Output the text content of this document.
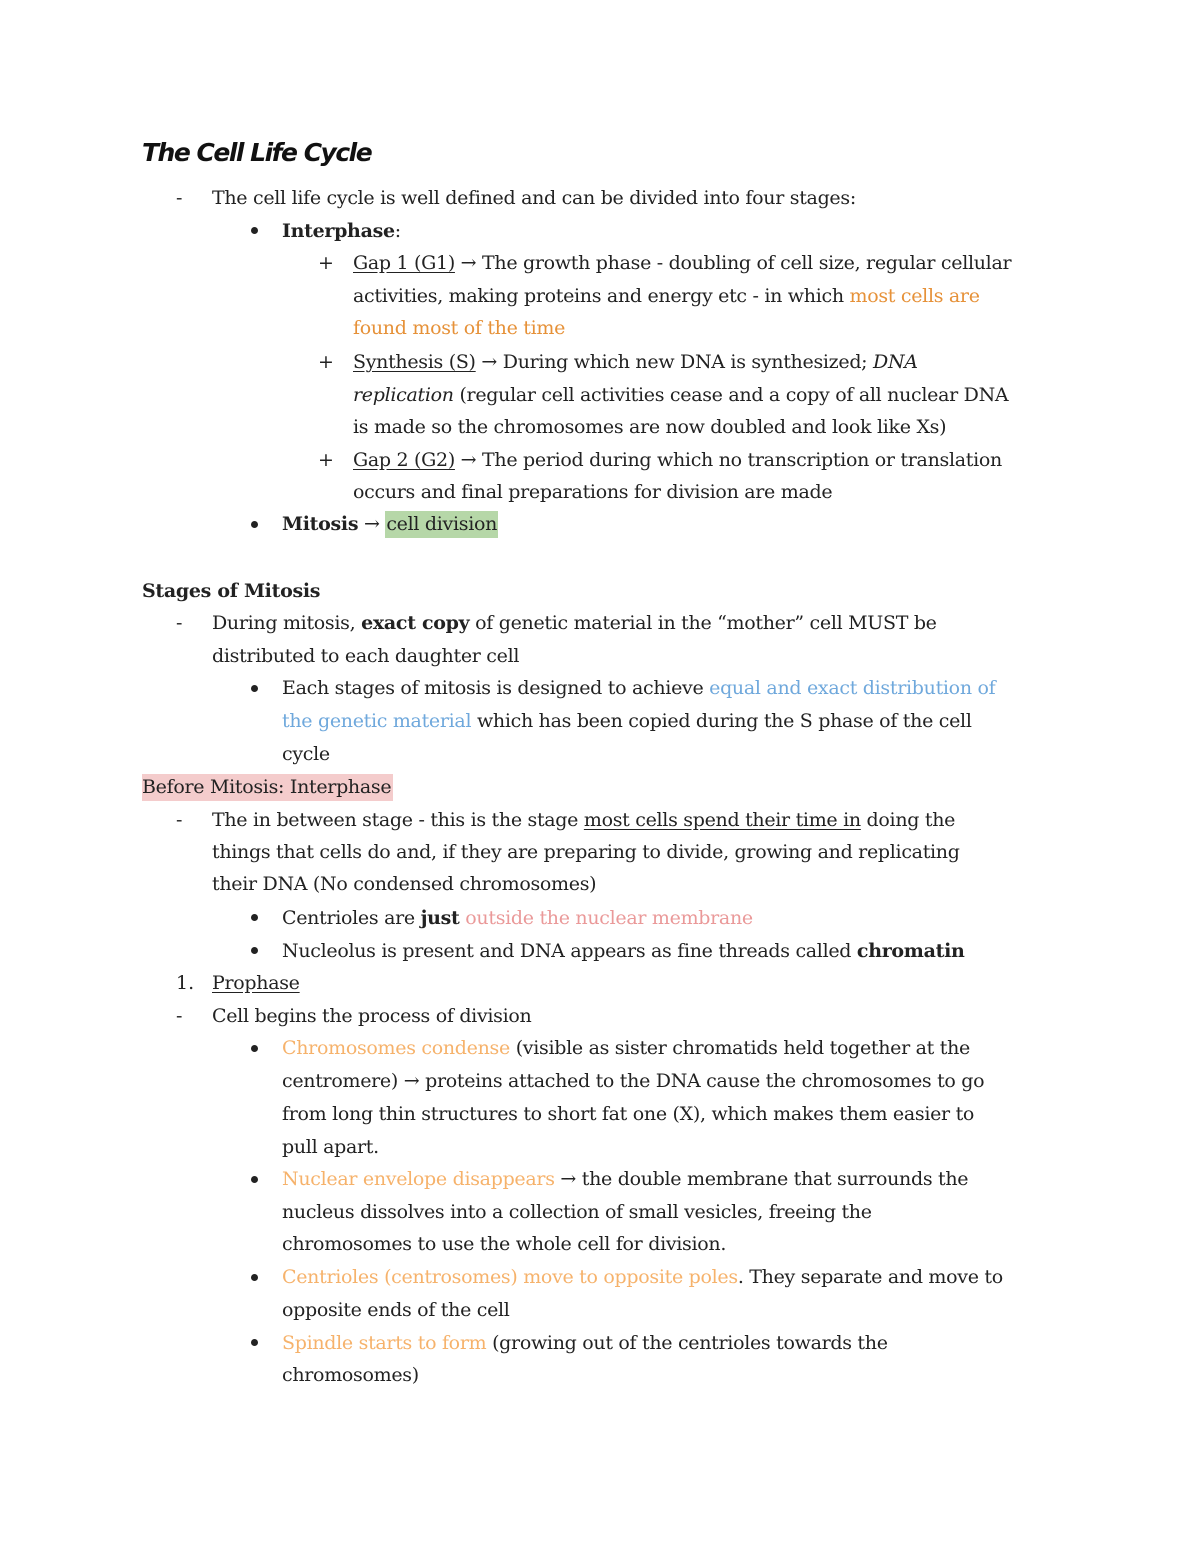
The Cell Life Cycle
- The cell life cycle is well defined and can be divided into four stages:

Interphase:

+ Gap 1 (G1) → The growth phase - doubling of cell size, regular cellular

activities, making proteins and energy etc - in which most cells are

found most of the time

+ Synthesis (S) → During which new DNA is synthesized; DNA

replication (regular cell activities cease and a copy of all nuclear DNA

is made so the chromosomes are now doubled and look like Xs)

+ Gap 2 (G2) → The period during which no transcription or translation

occurs and final preparations for division are made

Mitosis → cell division

Stages of Mitosis

- During mitosis, exact copy of genetic material in the “mother” cell MUST be

distributed to each daughter cell

Each stages of mitosis is designed to achieve equal and exact distribution of

the genetic material which has been copied during the S phase of the cell

cycle

Before Mitosis: Interphase

- The in between stage - this is the stage most cells spend their time in doing the

things that cells do and, if they are preparing to divide, growing and replicating

their DNA (No condensed chromosomes)

Centrioles are just outside the nuclear membrane

Nucleolus is present and DNA appears as fine threads called chromatin

1. Prophase

- Cell begins the process of division

Chromosomes condense (visible as sister chromatids held together at the

centromere) → proteins attached to the DNA cause the chromosomes to go

from long thin structures to short fat one (X), which makes them easier to

pull apart.

Nuclear envelope disappears → the double membrane that surrounds the

nucleus dissolves into a collection of small vesicles, freeing the

chromosomes to use the whole cell for division.

Centrioles (centrosomes) move to opposite poles. They separate and move to

opposite ends of the cell

Spindle starts to form (growing out of the centrioles towards the

chromosomes)
